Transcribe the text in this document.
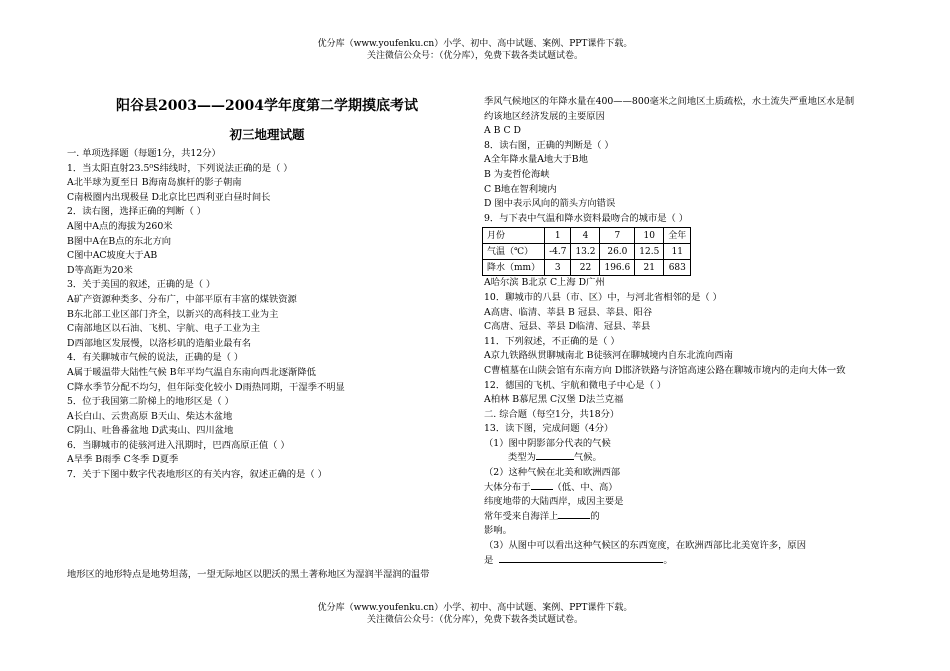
优分库（www.youfenku.cn）小学、初中、高中试题、案例、PPT课件下载。
关注微信公众号：（优分库），免费下载各类试题试卷。
阳谷县2003——2004学年度第二学期摸底考试
初三地理试题
一. 单项选择题（每题1分，共12分）
1．当太阳直射23.5⁰S纬线时，下列说法正确的是（ ）
A北半球为夏至日 B海南岛旗杆的影子朝南
C南极圈内出现极昼 D北京比巴西利亚白昼时间长
2．读右图，选择正确的判断（ ）
A图中A点的海拔为260米
B图中A在B点的东北方向
C图中AC坡度大于AB
D等高距为20米
3．关于美国的叙述，正确的是（ ）
A矿产资源种类多、分布广，中部平原有丰富的煤铁资源
B东北部工业区部门齐全，以新兴的高科技工业为主
C南部地区以石油、飞机、宇航、电子工业为主
D西部地区发展慢，以洛杉矶的造船业最有名
4．有关聊城市气候的说法，正确的是（ ）
A属于暖温带大陆性气候 B年平均气温自东南向西北逐渐降低
C降水季节分配不均匀，但年际变化较小 D雨热同期，干湿季不明显
5．位于我国第二阶梯上的地形区是（ ）
A长白山、云贵高原 B天山、柴达木盆地
C阴山、吐鲁番盆地 D武夷山、四川盆地
6．当聊城市的徒骇河进入汛期时，巴西高原正值（ ）
A旱季 B雨季 C冬季 D夏季
7．关于下图中数字代表地形区的有关内容，叙述正确的是（ ）
地形区的地形特点是地势坦荡，一望无际地区以肥沃的黑土著称地区为湿润半湿润的温带
季风气候地区的年降水量在400——800毫米之间地区土质疏松，水土流失严重地区水是制
约该地区经济发展的主要原因
A B C D
8．读右图，正确的判断是（ ）
A全年降水量A地大于B地
B 为麦哲伦海峡
C B地在智利境内
D 图中表示风向的箭头方向错误
9．与下表中气温和降水资料最吻合的城市是（ ）
月份	1	4	7	10	全年
气温（℃）	-4.7	13.2	26.0	12.5	11
降水（mm）	3	22	196.6	21	683
A哈尔滨 B北京 C上海 D广州
10．聊城市的八县（市、区）中，与河北省相邻的是（ ）
A高唐、临清、莘县 B 冠县、莘县、阳谷
C高唐、冠县、莘县 D临清、冠县、莘县
11．下列叙述，不正确的是（ ）
A京九铁路纵贯聊城南北 B徒骇河在聊城境内自东北流向西南
C曹植墓在山陕会馆有东南方向 D邯济铁路与济馆高速公路在聊城市境内的走向大体一致
12．德国的飞机、宇航和微电子中心是（ ）
A柏林 B慕尼黑 C汉堡 D法兰克福
二. 综合题（每空1分，共18分）
13．读下图，完成问题（4分）
（1）图中阴影部分代表的气候
类型为	气候。
（2）这种气候在北美和欧洲西部
大体分布于 （低、中、高）
纬度地带的大陆西岸，成因主要是
常年受来自海洋上	的
影响。
（3）从图中可以看出这种气候区的东西宽度，在欧洲西部比北美宽许多，原因
是	。
优分库（www.youfenku.cn）小学、初中、高中试题、案例、PPT课件下载。
关注微信公众号：（优分库），免费下载各类试题试卷。
